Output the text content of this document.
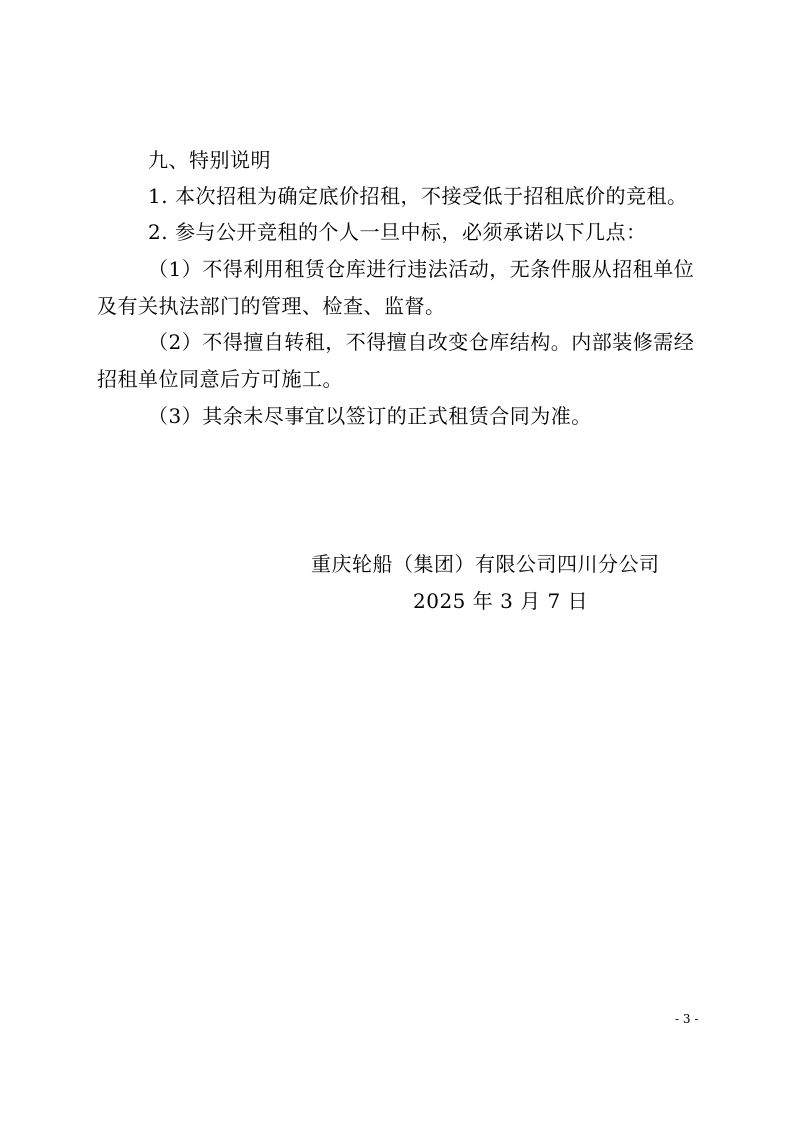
九、特别说明
1. 本次招租为确定底价招租，不接受低于招租底价的竞租。
2. 参与公开竞租的个人一旦中标，必须承诺以下几点：
（1）不得利用租赁仓库进行违法活动，无条件服从招租单位
及有关执法部门的管理、检查、监督。
（2）不得擅自转租，不得擅自改变仓库结构。内部装修需经
招租单位同意后方可施工。
（3）其余未尽事宜以签订的正式租赁合同为准。
重庆轮船（集团）有限公司四川分公司
2025 年 3 月 7 日
- 3 -
